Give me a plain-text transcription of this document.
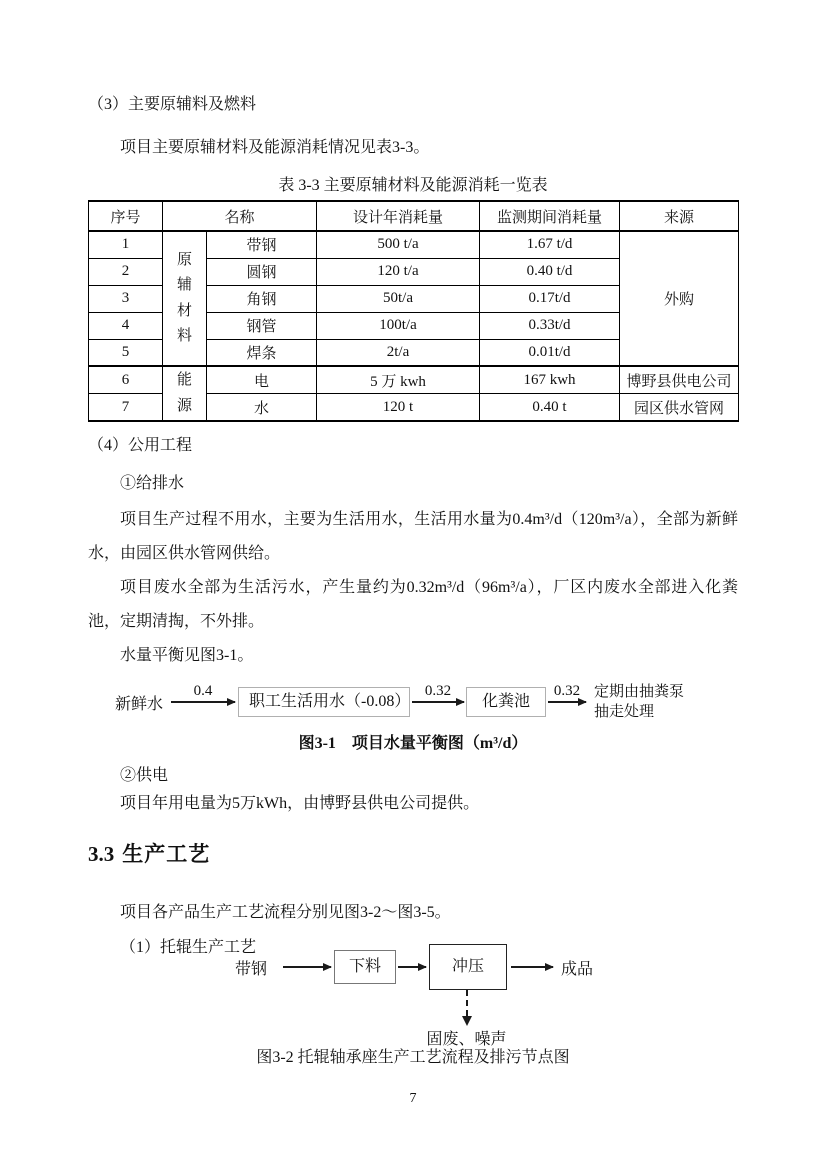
（3）主要原辅料及燃料
项目主要原辅材料及能源消耗情况见表3-3。
表 3-3 主要原辅材料及能源消耗一览表
序号	名称		设计年消耗量	监测期间消耗量	来源
1	原辅材料	带钢	500 t/a	1.67 t/d	外购
2		圆钢	120 t/a	0.40 t/d	
3		角钢	50t/a	0.17t/d	
4		钢管	100t/a	0.33t/d	
5		焊条	2t/a	0.01t/d	
6	能源	电	5 万 kwh	167 kwh	博野县供电公司
7		水	120 t	0.40 t	园区供水管网
（4）公用工程
①给排水
项目生产过程不用水，主要为生活用水，生活用水量为0.4m³/d（120m³/a），全部为新鲜水，由园区供水管网供给。
项目废水全部为生活污水，产生量约为0.32m³/d（96m³/a），厂区内废水全部进入化粪池，定期清掏，不外排。
水量平衡见图3-1。
新鲜水
0.4
职工生活用水（-0.08）
0.32
化粪池
0.32 定期由抽粪泵
抽走处理
图3-1　项目水量平衡图（m³/d）
②供电
项目年用电量为5万kWh，由博野县供电公司提供。
3.3 生产工艺
项目各产品生产工艺流程分别见图3-2～图3-5。
（1）托辊生产工艺
带钢	下料	冲压
固废、噪声
成品
图3-2 托辊轴承座生产工艺流程及排污节点图
7
